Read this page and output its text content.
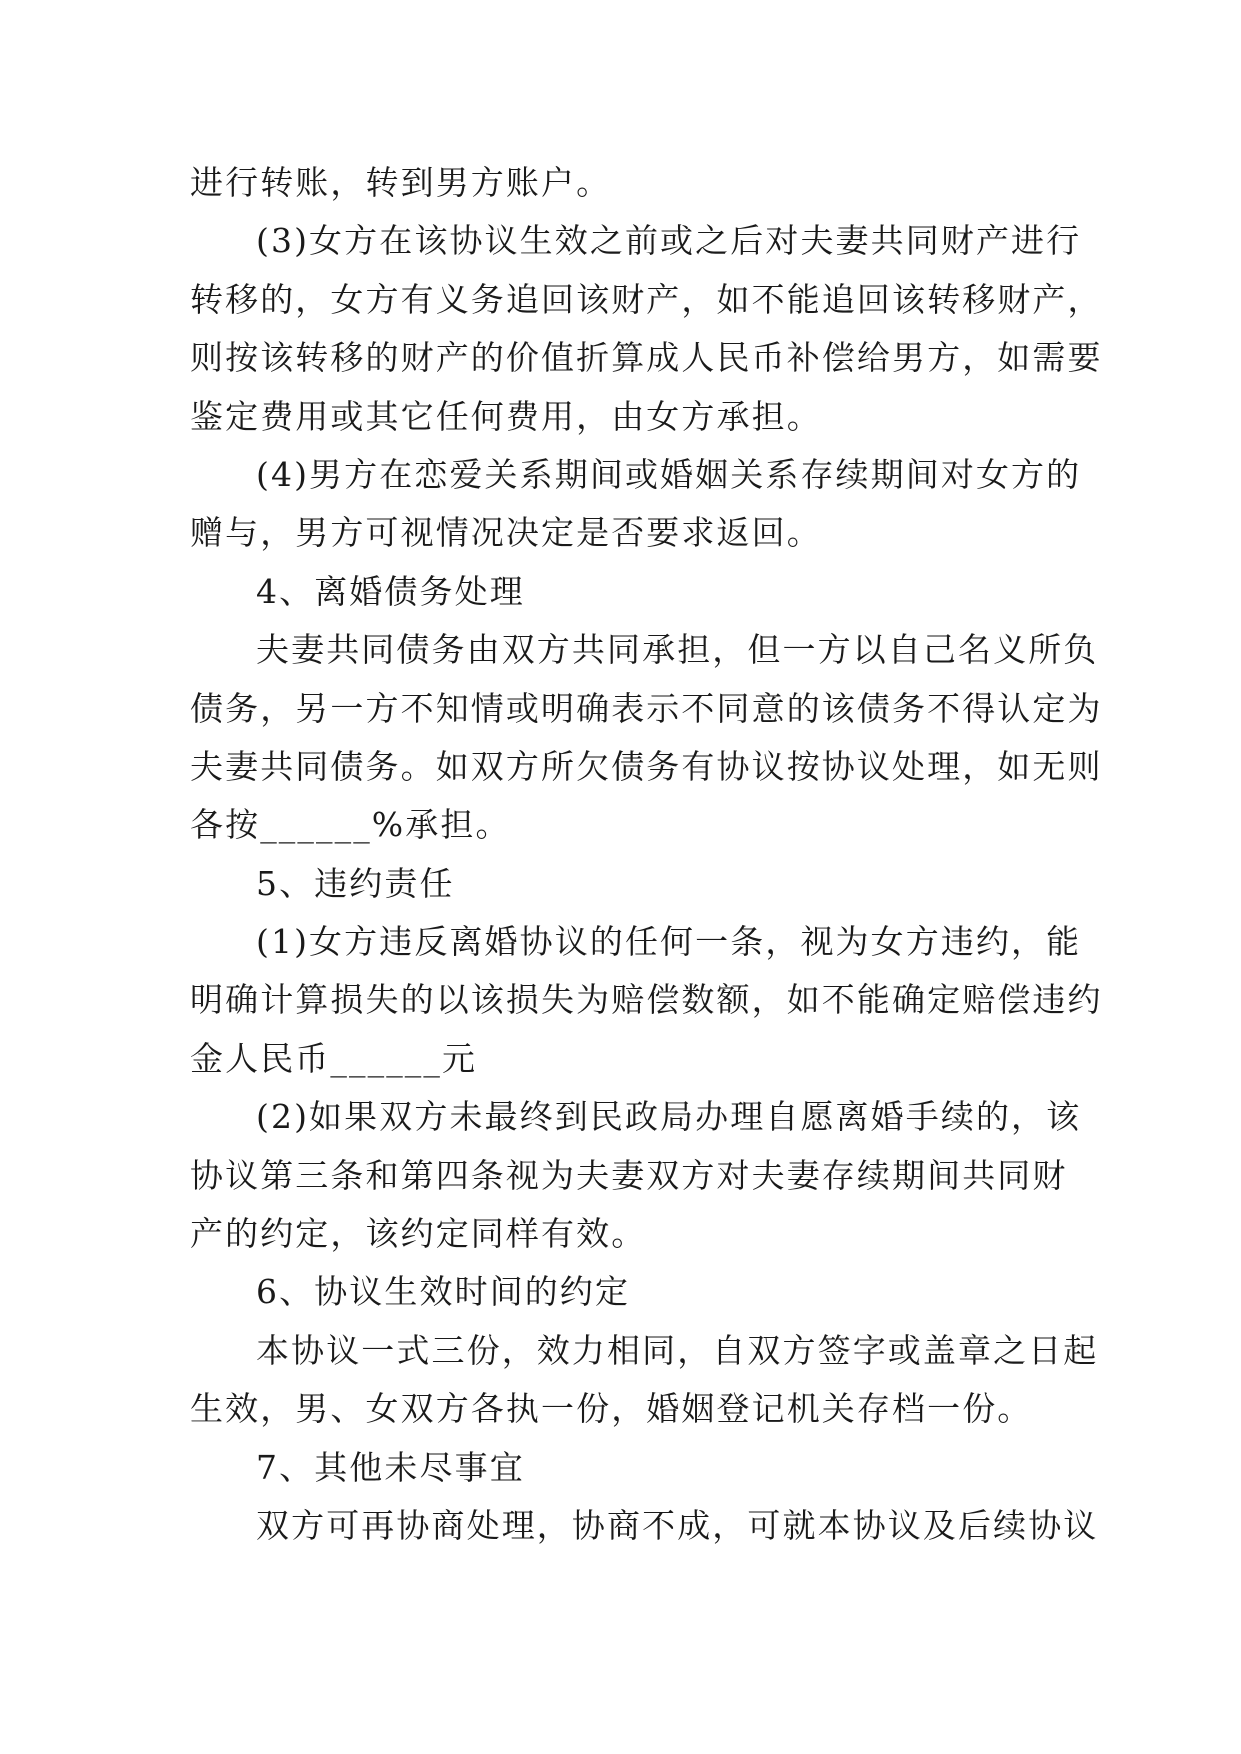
进行转账，转到男方账户。
(3)女方在该协议生效之前或之后对夫妻共同财产进行
转移的，女方有义务追回该财产，如不能追回该转移财产，
则按该转移的财产的价值折算成人民币补偿给男方，如需要
鉴定费用或其它任何费用，由女方承担。
(4)男方在恋爱关系期间或婚姻关系存续期间对女方的
赠与，男方可视情况决定是否要求返回。
4、离婚债务处理
夫妻共同债务由双方共同承担，但一方以自己名义所负
债务，另一方不知情或明确表示不同意的该债务不得认定为
夫妻共同债务。如双方所欠债务有协议按协议处理，如无则
各按______%承担。
5、违约责任
(1)女方违反离婚协议的任何一条，视为女方违约，能
明确计算损失的以该损失为赔偿数额，如不能确定赔偿违约
金人民币______元
(2)如果双方未最终到民政局办理自愿离婚手续的，该
协议第三条和第四条视为夫妻双方对夫妻存续期间共同财
产的约定，该约定同样有效。
6、协议生效时间的约定
本协议一式三份，效力相同，自双方签字或盖章之日起
生效，男、女双方各执一份，婚姻登记机关存档一份。
7、其他未尽事宜
双方可再协商处理，协商不成，可就本协议及后续协议
